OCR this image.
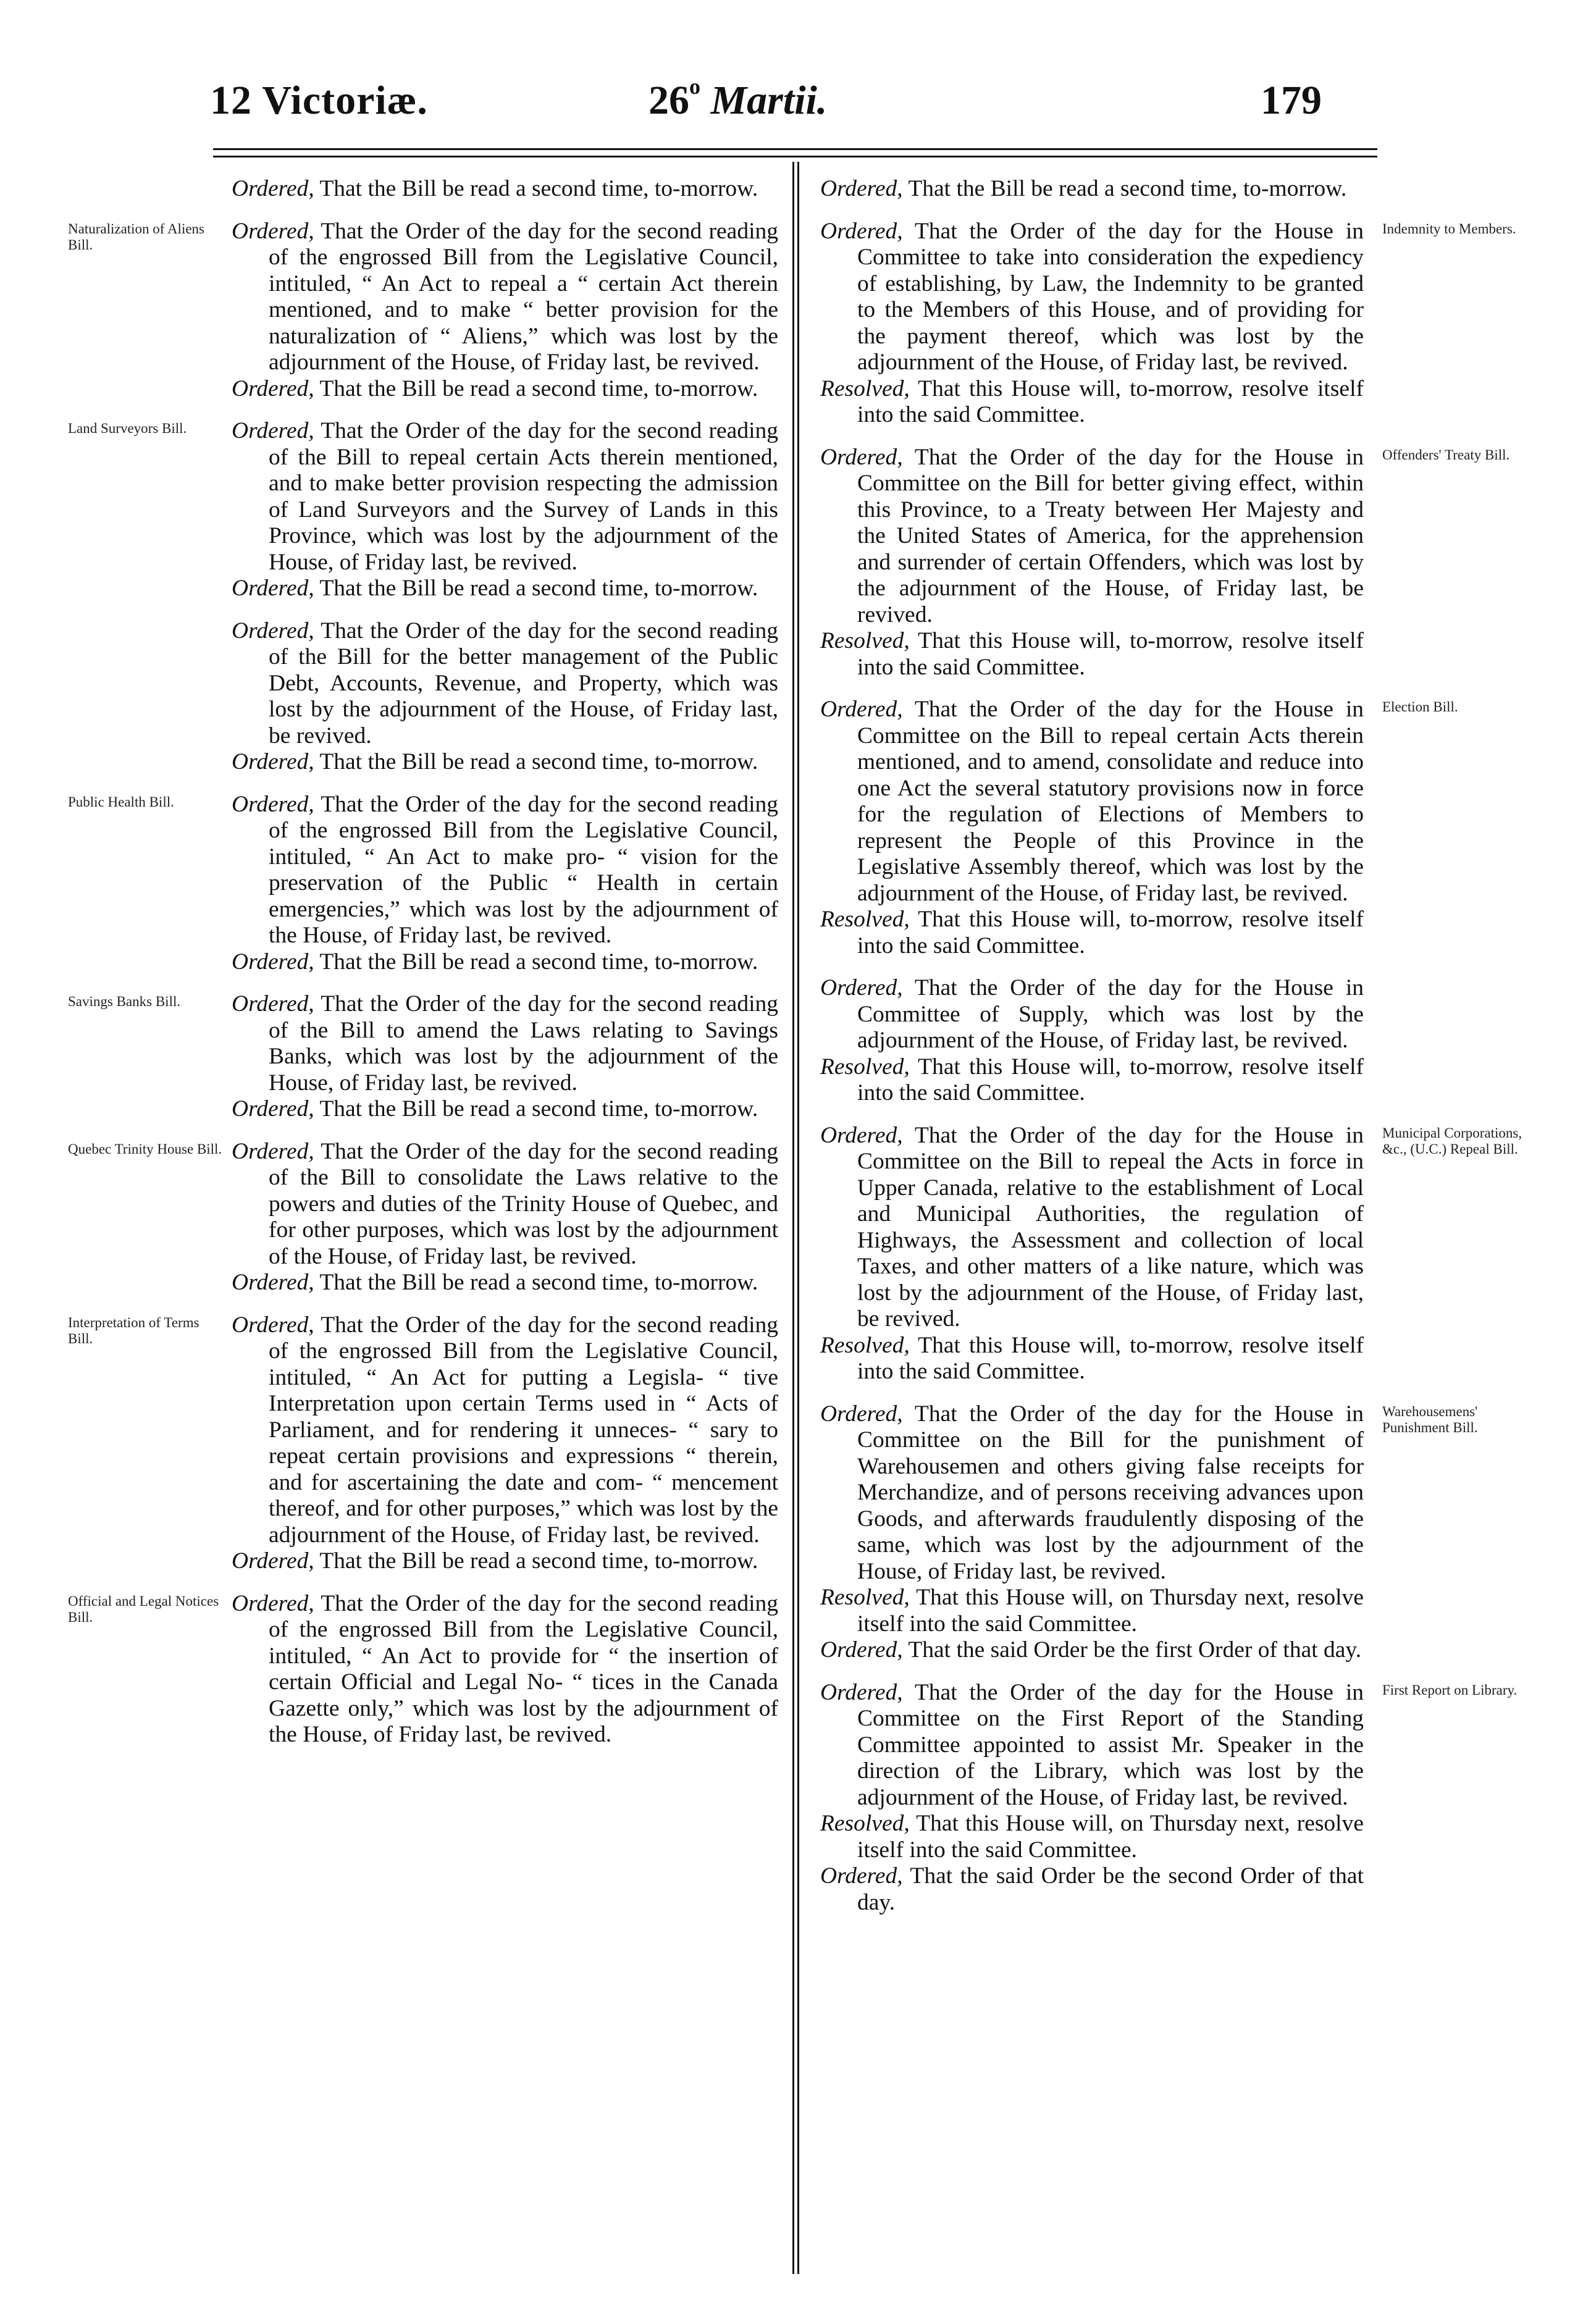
12 Victoriæ.	26$^o$ Martii.	179

Ordered, That the Bill be read a second time, to-morrow.

Naturalization of Aliens Bill.

Ordered, That the Order of the day for the second reading of the engrossed Bill from the Legislative Council, intituled, “ An Act to repeal a “ certain Act therein mentioned, and to make “ better provision for the naturalization of “ Aliens,” which was lost by the adjournment of the House, of Friday last, be revived.

Ordered, That the Bill be read a second time, to-morrow.

Land Surveyors Bill.	Ordered, That the Order of the day for the second reading of the Bill to repeal certain Acts therein mentioned, and to make better provision respecting the admission of Land Surveyors and the Survey of Lands in this Province, which was lost by the adjournment of the House, of Friday last, be revived.

Ordered, That the Bill be read a second time, to-morrow.

Ordered, That the Order of the day for the second reading of the Bill for the better management of the Public Debt, Accounts, Revenue, and Property, which was lost by the adjournment of the House, of Friday last, be revived.

Ordered, That the Bill be read a second time, to-morrow.

Public Health Bill.	Ordered, That the Order of the day for the second reading of the engrossed Bill from the Legislative Council, intituled, “ An Act to make pro- “ vision for the preservation of the Public “ Health in certain emergencies,” which was lost by the adjournment of the House, of Friday last, be revived.

Ordered, That the Bill be read a second time, to-morrow.

Savings Banks Bill.	Ordered, That the Order of the day for the second reading of the Bill to amend the Laws relating to Savings Banks, which was lost by the adjournment of the House, of Friday last, be revived.

Ordered, That the Bill be read a second time, to-morrow.

Quebec Trinity House Bill. Ordered, That the Order of the day for the second reading of the Bill to consolidate the Laws relative to the powers and duties of the Trinity House of Quebec, and for other purposes, which was lost by the adjournment of the House, of Friday last, be revived.

Ordered, That the Bill be read a second time, to-morrow.

Interpretation of Terms Bill.

Ordered, That the Order of the day for the second reading of the engrossed Bill from the Legislative Council, intituled, “ An Act for putting a Legisla- “ tive Interpretation upon certain Terms used in “ Acts of Parliament, and for rendering it unneces- “ sary to repeat certain provisions and expressions “ therein, and for ascertaining the date and com- “ mencement thereof, and for other purposes,” which was lost by the adjournment of the House, of Friday last, be revived.

Ordered, That the Bill be read a second time, to-morrow.

Official and Legal Notices Bill.

Ordered, That the Order of the day for the second reading of the engrossed Bill from the Legislative Council, intituled, “ An Act to provide for “ the insertion of certain Official and Legal No- “ tices in the Canada Gazette only,” which was lost by the adjournment of the House, of Friday last, be revived.

Ordered, That the Bill be read a second time, to-morrow.

Indemnity to Members.

Ordered, That the Order of the day for the House in Committee to take into consideration the expediency of establishing, by Law, the Indemnity to be granted to the Members of this House, and of providing for the payment thereof, which was lost by the adjournment of the House, of Friday last, be revived.

Resolved, That this House will, to-morrow, resolve itself into the said Committee.

Offenders' Treaty Bill.

Ordered, That the Order of the day for the House in Committee on the Bill for better giving effect, within this Province, to a Treaty between Her Majesty and the United States of America, for the apprehension and surrender of certain Offenders, which was lost by the adjournment of the House, of Friday last, be revived.

Resolved, That this House will, to-morrow, resolve itself into the said Committee.

Election Bill.

Ordered, That the Order of the day for the House in Committee on the Bill to repeal certain Acts therein mentioned, and to amend, consolidate and reduce into one Act the several statutory provisions now in force for the regulation of Elections of Members to represent the People of this Province in the Legislative Assembly thereof, which was lost by the adjournment of the House, of Friday last, be revived.

Resolved, That this House will, to-morrow, resolve itself into the said Committee.

Ordered, That the Order of the day for the House in Committee of Supply, which was lost by the adjournment of the House, of Friday last, be revived.

Resolved, That this House will, to-morrow, resolve itself into the said Committee.

Municipal Corporations, &c., (U.C.) Repeal Bill.

Ordered, That the Order of the day for the House in Committee on the Bill to repeal the Acts in force in Upper Canada, relative to the establishment of Local and Municipal Authorities, the regulation of Highways, the Assessment and collection of local Taxes, and other matters of a like nature, which was lost by the adjournment of the House, of Friday last, be revived.

Resolved, That this House will, to-morrow, resolve itself into the said Committee.

Warehousemens' Punishment Bill.

Ordered, That the Order of the day for the House in Committee on the Bill for the punishment of Warehousemen and others giving false receipts for Merchandize, and of persons receiving advances upon Goods, and afterwards fraudulently disposing of the same, which was lost by the adjournment of the House, of Friday last, be revived.

Resolved, That this House will, on Thursday next, resolve itself into the said Committee.

Ordered, That the said Order be the first Order of that day.

First Report on Library.

Ordered, That the Order of the day for the House in Committee on the First Report of the Standing Committee appointed to assist Mr. Speaker in the direction of the Library, which was lost by the adjournment of the House, of Friday last, be revived.

Resolved, That this House will, on Thursday next, resolve itself into the said Committee.

Ordered, That the said Order be the second Order of that day.
